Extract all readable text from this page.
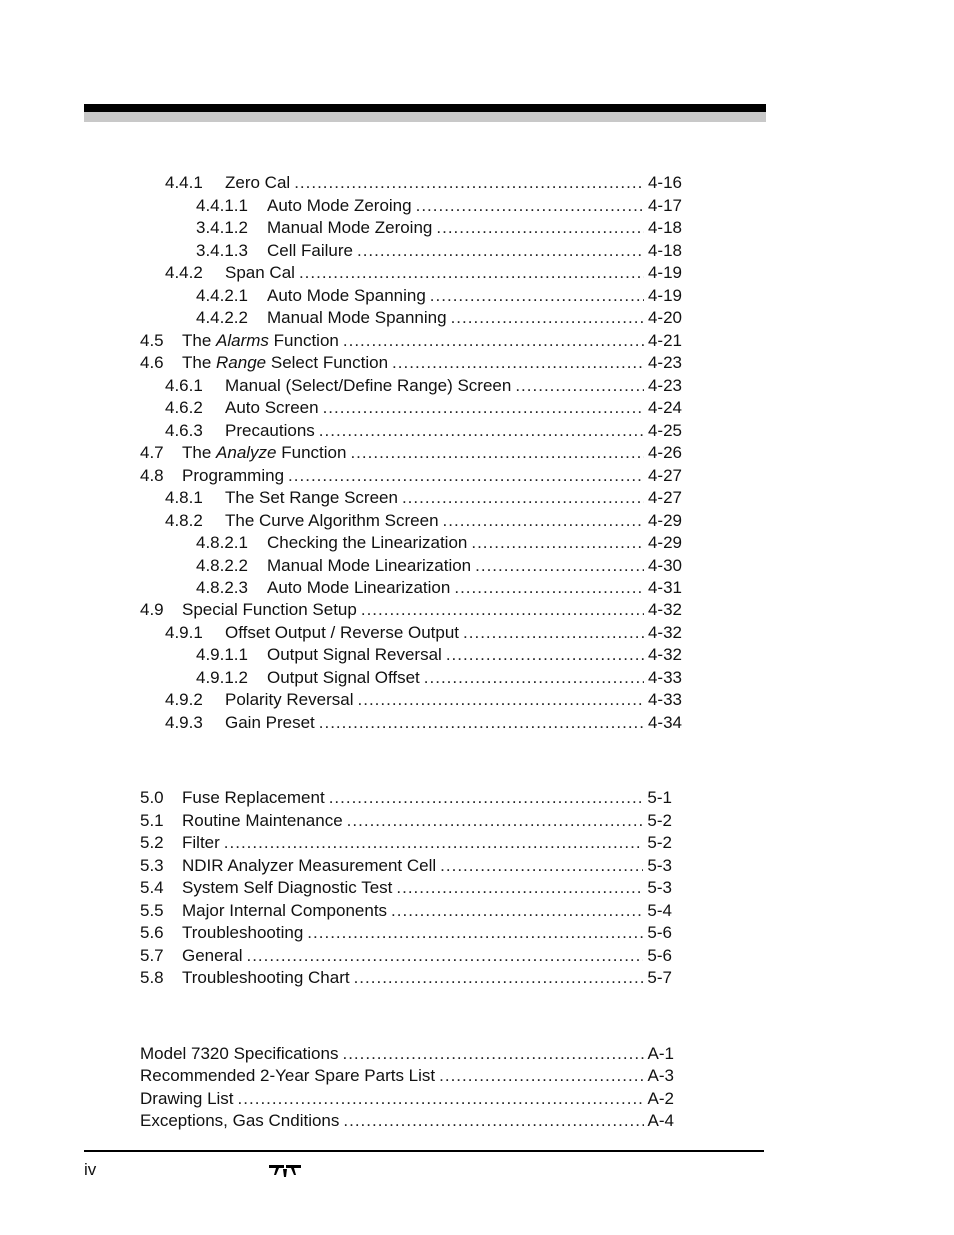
4.4.1	Zero Cal .....	4-16
4.4.1.1	Auto Mode Zeroing .....	4-17
3.4.1.2	Manual Mode Zeroing .....	4-18
3.4.1.3	Cell Failure .....	4-18
4.4.2	Span Cal .....	4-19
4.4.2.1	Auto Mode Spanning .....	4-19
4.4.2.2	Manual Mode Spanning .....	4-20
4.5	The Alarms Function .....	4-21
4.6	The Range Select Function .....	4-23
4.6.1	Manual (Select/Define Range) Screen .....	4-23
4.6.2	Auto Screen .....	4-24
4.6.3	Precautions .....	4-25
4.7	The Analyze Function .....	4-26
4.8	Programming .....	4-27
4.8.1	The Set Range Screen .....	4-27
4.8.2	The Curve Algorithm Screen .....	4-29
4.8.2.1	Checking the Linearization .....	4-29
4.8.2.2	Manual Mode Linearization .....	4-30
4.8.2.3	Auto Mode Linearization .....	4-31
4.9	Special Function Setup .....	4-32
4.9.1	Offset Output / Reverse Output .....	4-32
4.9.1.1	Output Signal Reversal .....	4-32
4.9.1.2	Output Signal Offset .....	4-33
4.9.2	Polarity Reversal .....	4-33
4.9.3	Gain Preset .....	4-34
5.0	Fuse Replacement .....	5-1
5.1	Routine Maintenance .....	5-2
5.2	Filter .....	5-2
5.3	NDIR Analyzer Measurement Cell .....	5-3
5.4	System Self Diagnostic Test .....	5-3
5.5	Major Internal Components .....	5-4
5.6	Troubleshooting .....	5-6
5.7	General .....	5-6
5.8	Troubleshooting Chart .....	5-7
Model 7320 Specifications .....	A-1
Recommended 2-Year Spare Parts List .....	A-3
Drawing List .....	A-2
Exceptions, Gas Cnditions .....	A-4
iv
